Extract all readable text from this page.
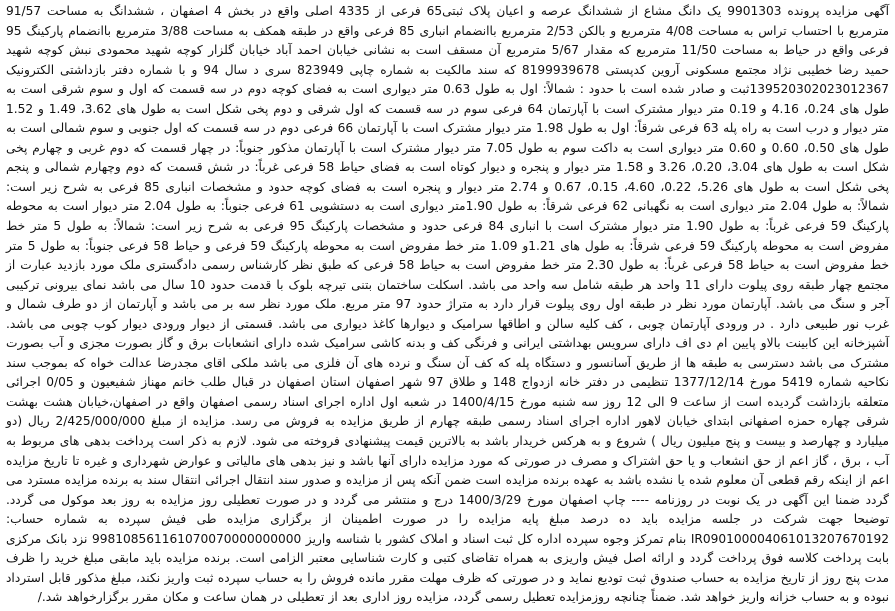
آگهی مزایده پرونده 9901303 یک دانگ مشاع از ششدانگ عرصه و اعیان پلاک ثبتی65 فرعی از 4335 اصلی واقع در بخش 4 اصفهان ، ششدانگ به مساحت 91/57 مترمربع با احتساب تراس به مساحت 4/08 مترمربع و بالکن 2/53 مترمربع باانضمام انباری 85 فرعی واقع در طبقه همکف به مساحت 3/88 مترمربع باانضمام پارکینگ 95 فرعی واقع در حیاط به مساحت 11/50 مترمربع که مقدار 5/67 مترمربع آن مسقف است به نشانی خیابان احمد آباد خیابان گلزار کوچه شهید محمودی نبش کوچه شهید حمید رضا خطیبی نژاد مجتمع مسکونی آروین کدپستی 8199939678 که سند مالکیت به شماره چاپی 823949 سری د سال 94 و با شماره دفتر بازداشتی الکترونیک 139520302023012367ثبت و صادر شده است با حدود : شمالاً: اول به طول 0.63 متر دیواری است به فضای کوچه دوم در سه قسمت که اول و سوم شرقی است به طول های 0.24، 4.16 و 0.19 متر دیوار مشترک است با آپارتمان 64 فرعی سوم در سه قسمت که اول شرقی و دوم پخی شکل است به طول های 3.62، 1.49 و 1.52 متر دیوار و درب است به راه پله 63 فرعی شرقاً: اول به طول 1.98 متر دیوار مشترک است با آپارتمان 66 فرعی دوم در سه قسمت که اول جنوبی و سوم شمالی است به طول های 0.50، 0.60 و 0.60 متر دیواری است به داکت سوم به طول 7.05 متر دیوار مشترک است با آپارتمان مذکور جنوباً: در چهار قسمت که دوم غربی و چهارم پخی شکل است به طول های 3.04، 0.20، 3.26 و 1.58 متر دیوار و پنجره و دیوار کوتاه است به فضای حیاط 58 فرعی غرباً: در شش قسمت که دوم وچهارم شمالی و پنجم پخی شکل است به طول های 5.26، 0.22، 4.60، 0.15، 0.67 و 2.74 متر دیوار و پنجره است به فضای کوچه حدود و مشخصات انباری 85 فرعی به شرح زیر است: شمالاً: به طول 2.04 متر دیواری است به نگهبانی 62 فرعی شرقاً: به طول 1.90متر دیواری است به دستشویی 61 فرعی جنوباً: به طول 2.04 متر دیوار است به محوطه پارکینگ 59 فرعی غرباً: به طول 1.90 متر دیوار مشترک است با انباری 84 فرعی حدود و مشخصات پارکینگ 95 فرعی به شرح زیر است: شمالاً: به طول 5 متر خط مفروض است به محوطه پارکینگ 59 فرعی شرقاً: به طول های 1.21و 1.09 متر خط مفروض است به محوطه پارکینگ 59 فرعی و حیاط 58 فرعی جنوباً: به طول 5 متر خط مفروض است به حیاط 58 فرعی غرباً: به طول 2.30 متر خط مفروض است به حیاط 58 فرعی که طبق نظر کارشناس رسمی دادگستری ملک مورد بازدید عبارت از مجتمع چهار طبقه روی پیلوت دارای 11 واحد هر طبقه شامل سه واحد می باشد. اسکلت ساختمان بتنی تیرچه بلوک با قدمت حدود 10 سال می باشد نمای بیرونی ترکیبی آجر و سنگ می باشد. آپارتمان مورد نظر در طبقه اول روی پیلوت قرار دارد به متراژ حدود 97 متر مربع. ملک مورد نظر سه بر می باشد و آپارتمان از دو طرف شمال و غرب نور طبیعی دارد . در ورودی آپارتمان چوبی ، کف کلیه سالن و اطاقها سرامیک و دیوارها کاغذ دیواری می باشد. قسمتی از دیوار ورودی دیوار کوب چوبی می باشد. آشپزخانه این کابینت بالاو پایین ام دی اف دارای سرویس بهداشتی ایرانی و فرنگی کف و بدنه کاشی سرامیک شده دارای انشعابات برق و گاز بصورت مجزی و آب بصورت مشترک می باشد دسترسی به طبقه ها از طریق آسانسور و دستگاه پله که کف آن سنگ و نرده های آن فلزی می باشد ملکی اقای مجدرضا عدالت خواه که بموجب سند نکاحیه شماره 5419 مورخ 1377/12/14 تنظیمی در دفتر خانه ازدواج 148 و طلاق 97 شهر اصفهان استان اصفهان در قبال طلب خانم مهناز شفیعیون و 0/05 اجرائی متعلقه بازداشت گردیده است از ساعت 9 الی 12 روز سه شنبه مورخ 1400/4/15 در شعبه اول اداره اجرای اسناد رسمی اصفهان واقع در اصفهان،خیابان هشت بهشت شرقی چهاره حمزه اصفهانی ابتدای خیابان لاهور اداره اجرای اسناد رسمی طبقه چهارم از طریق مزایده به فروش می رسد. مزایده از مبلغ 2/425/000/000 ریال (دو میلیارد و چهارصد و بیست و پنج میلیون ریال ) شروع و به هرکس خریدار باشد به بالاترین قیمت پیشنهادی فروخته می شود. لازم به ذکر است پرداخت بدهی های مربوط به آب ، برق ، گاز اعم از حق انشعاب و یا حق اشتراک و مصرف در صورتی که مورد مزایده دارای آنها باشد و نیز بدهی های مالیاتی و عوارض شهرداری و غیره تا تاریخ مزایده اعم از اینکه رقم قطعی آن معلوم شده یا نشده باشد به عهده برنده مزایده است ضمن آنکه پس از مزایده و صدور سند انتقال اجرائی انتقال سند به برنده مزایده مسترد می گردد ضمنا این آگهی در یک نوبت در روزنامه ---- چاپ اصفهان مورخ 1400/3/29 درج و منتشر می گردد و در صورت تعطیلی روز مزایده به روز بعد موکول می گردد. توضیحا جهت شرکت در جلسه مزایده باید ده درصد مبلغ پایه مزایده را در صورت اطمینان از برگزاری مزایده طی فیش سپرده به شماره حساب: IR090100004061013207670192 بنام تمرکز وجوه سپرده اداره کل ثبت اسناد و املاک کشور با شناسه واریز 998108561161070070000000000 نزد بانک مرکزی بابت پرداخت کلاسه فوق پرداخت گردد و ارائه اصل فیش واریزی به همراه تقاضای کتبی و کارت شناسایی معتبر الزامی است. برنده مزایده باید مابقی مبلغ خرید را ظرف مدت پنج روز از تاریخ مزایده به حساب صندوق ثبت تودیع نماید و در صورتی که ظرف مهلت مقرر مانده فروش را به حساب سپرده ثبت واریز نکند، مبلغ مذکور قابل استرداد نبوده و به حساب خزانه واریز خواهد شد. ضمناً چنانچه روزمزایده تعطیل رسمی گردد، مزایده روز اداری بعد از تعطیلی در همان ساعت و مکان مقرر برگزارخواهد شد./
